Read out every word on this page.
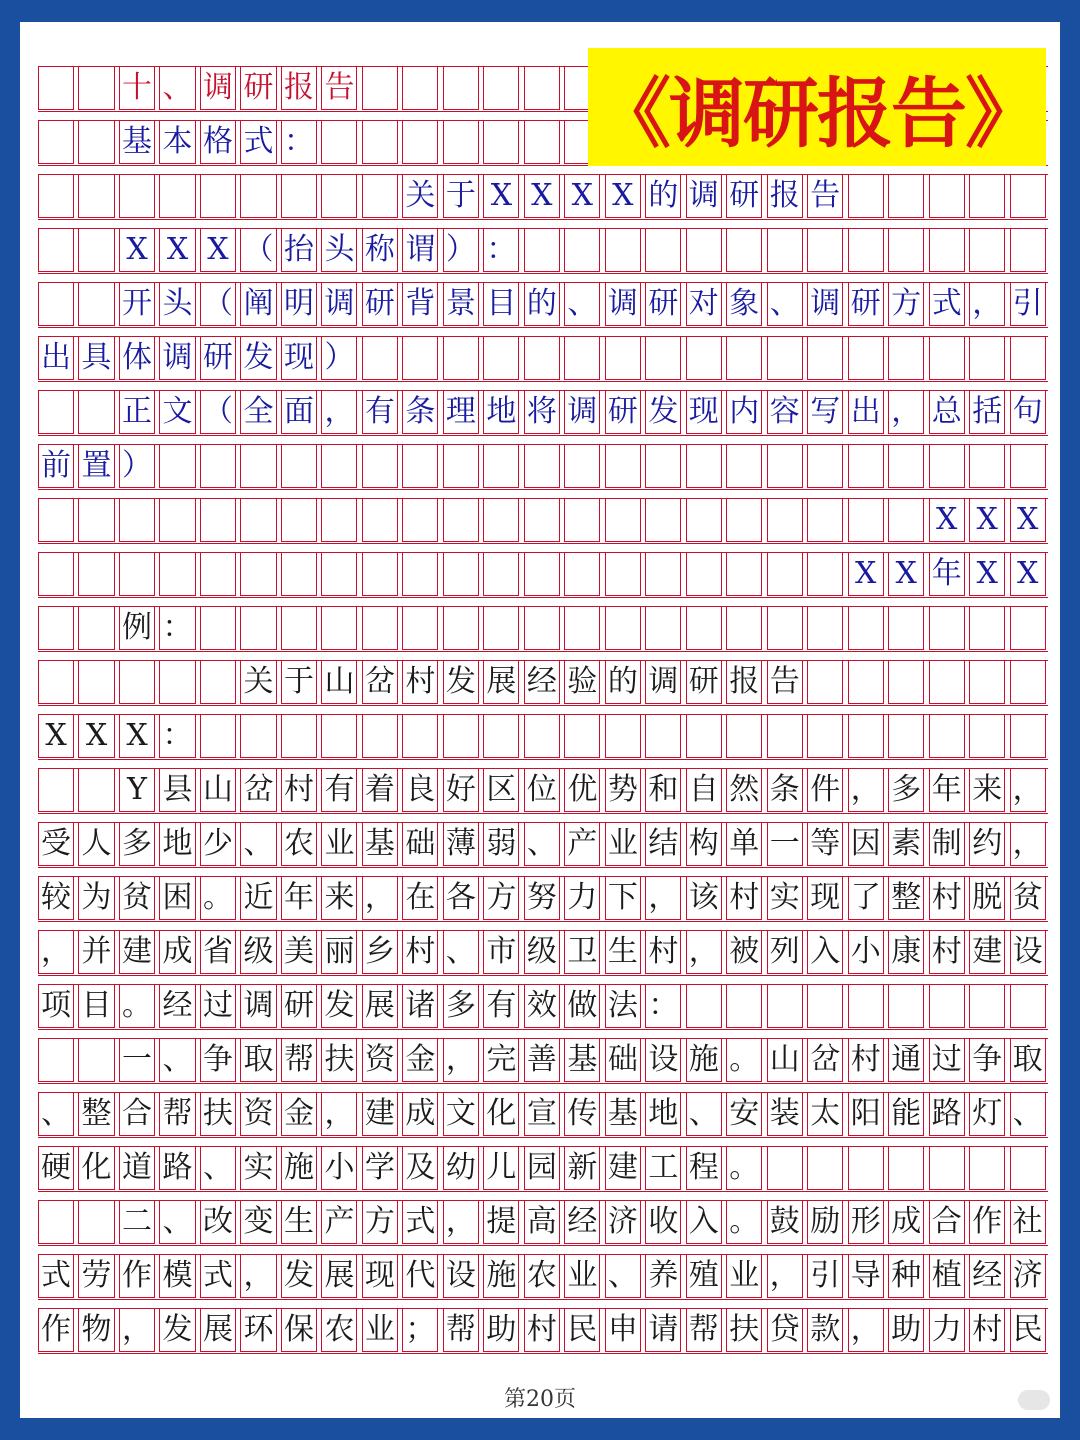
《调研报告》
十 、 调 研 报 告
基 本 格 式 ：
关 于 X X X X 的 调 研 报 告
X X X （ 抬 头 称 谓 ） ：
开 头 （ 阐 明 调 研 背 景 目 的 、 调 研 对 象 、 调 研 方 式 ， 引
出 具 体 调 研 发 现 ）
正 文 （ 全 面 ， 有 条 理 地 将 调 研 发 现 内 容 写 出 ， 总 括 句
前 置 ）
X X X
X X 年 X X
例 ：
关 于 山 岔 村 发 展 经 验 的 调 研 报 告
X X X ：
Y 县 山 岔 村 有 着 良 好 区 位 优 势 和 自 然 条 件 ， 多 年 来 ，
受 人 多 地 少 、 农 业 基 础 薄 弱 、 产 业 结 构 单 一 等 因 素 制 约 ，
较 为 贫 困 。 近 年 来 ， 在 各 方 努 力 下 ， 该 村 实 现 了 整 村 脱 贫
， 并 建 成 省 级 美 丽 乡 村 、 市 级 卫 生 村 ， 被 列 入 小 康 村 建 设
项 目 。 经 过 调 研 发 展 诸 多 有 效 做 法 ：
一 、 争 取 帮 扶 资 金 ， 完 善 基 础 设 施 。 山 岔 村 通 过 争 取
、 整 合 帮 扶 资 金 ， 建 成 文 化 宣 传 基 地 、 安 装 太 阳 能 路 灯 、
硬 化 道 路 、 实 施 小 学 及 幼 儿 园 新 建 工 程 。
二 、 改 变 生 产 方 式 ， 提 高 经 济 收 入 。 鼓 励 形 成 合 作 社
式 劳 作 模 式 ， 发 展 现 代 设 施 农 业 、 养 殖 业 ， 引 导 种 植 经 济
作 物 ， 发 展 环 保 农 业 ； 帮 助 村 民 申 请 帮 扶 贷 款 ， 助 力 村 民
第20页
